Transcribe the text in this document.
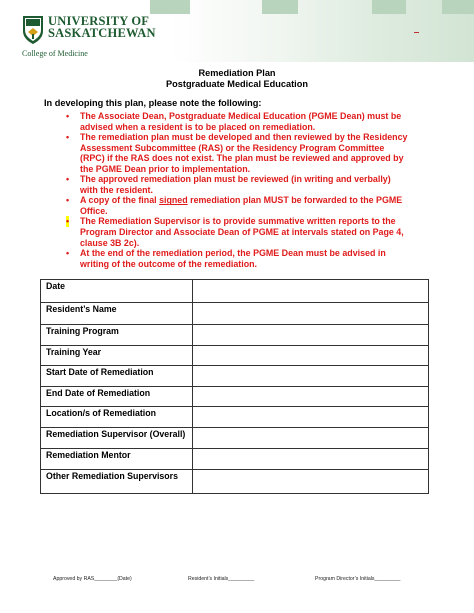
UNIVERSITY OF
SASKATCHEWAN
College of Medicine
Remediation Plan
Postgraduate Medical Education
In developing this plan, please note the following:
• The Associate Dean, Postgraduate Medical Education (PGME Dean) must be
advised when a resident is to be placed on remediation.
• The remediation plan must be developed and then reviewed by the Residency
Assessment Subcommittee (RAS) or the Residency Program Committee
(RPC) if the RAS does not exist. The plan must be reviewed and approved by
the PGME Dean prior to implementation.
• The approved remediation plan must be reviewed (in writing and verbally)
with the resident.
• A copy of the final signed remediation plan MUST be forwarded to the PGME
Office.
• The Remediation Supervisor is to provide summative written reports to the
Program Director and Associate Dean of PGME at intervals stated on Page 4,
clause 3B 2c).
• At the end of the remediation period, the PGME Dean must be advised in
writing of the outcome of the remediation.
Date	
Resident’s Name	
Training Program	
Training Year	
Start Date of Remediation	
End Date of Remediation	
Location/s of Remediation	
Remediation Supervisor (Overall)	
Remediation Mentor	
Other Remediation Supervisors	
Approved by RAS________(Date)	Resident’s Initials_________	Program Director’s Initials_________
